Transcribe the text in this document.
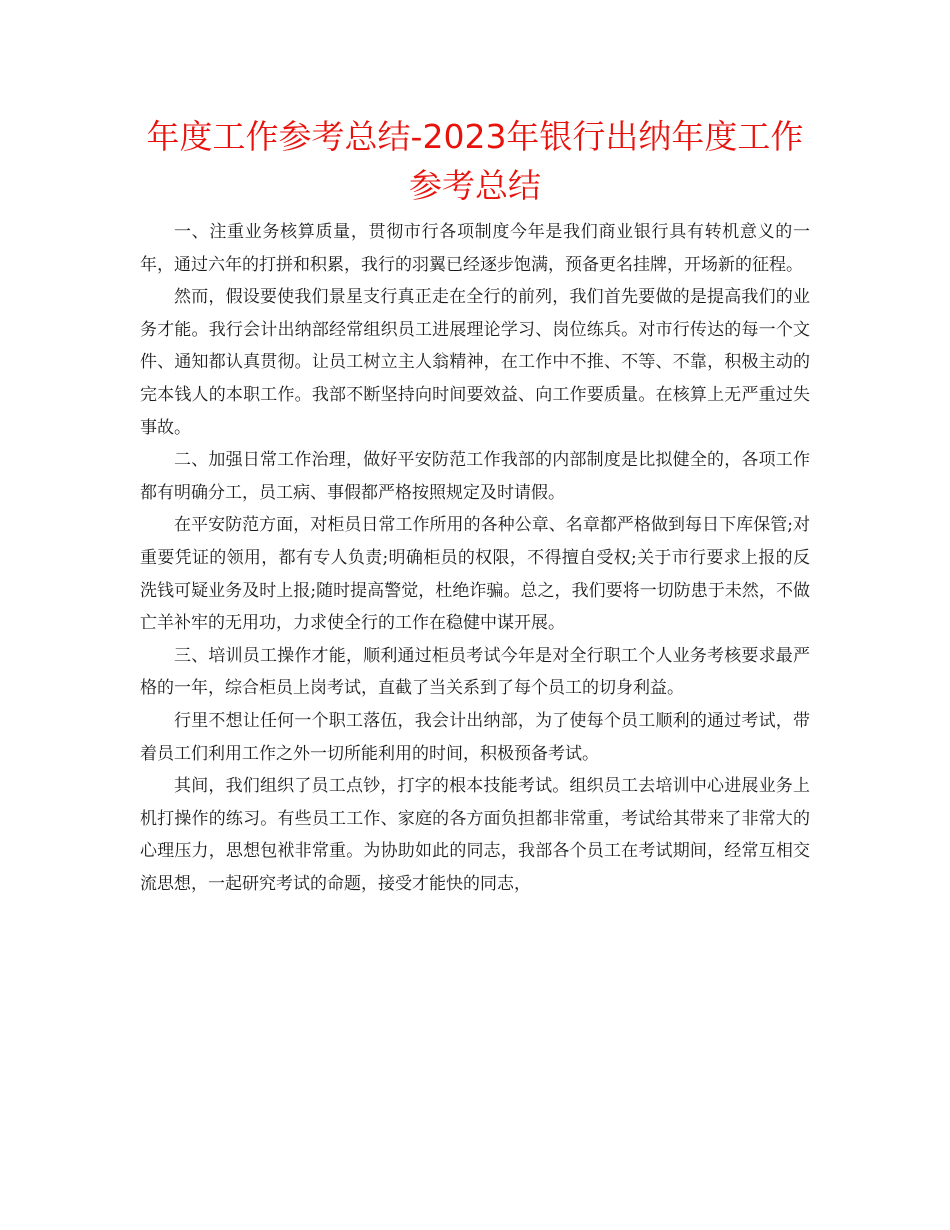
年度工作参考总结-2023年银行出纳年度工作参考总结

一、注重业务核算质量，贯彻市行各项制度今年是我们商业银行具有转机意义的一年，通过六年的打拼和积累，我行的羽翼已经逐步饱满，预备更名挂牌，开场新的征程。

然而，假设要使我们景星支行真正走在全行的前列，我们首先要做的是提高我们的业务才能。我行会计出纳部经常组织员工进展理论学习、岗位练兵。对市行传达的每一个文件、通知都认真贯彻。让员工树立主人翁精神，在工作中不推、不等、不靠，积极主动的完本钱人的本职工作。我部不断坚持向时间要效益、向工作要质量。在核算上无严重过失事故。

二、加强日常工作治理，做好平安防范工作我部的内部制度是比拟健全的，各项工作都有明确分工，员工病、事假都严格按照规定及时请假。

在平安防范方面，对柜员日常工作所用的各种公章、名章都严格做到每日下库保管;对重要凭证的领用，都有专人负责;明确柜员的权限，不得擅自受权;关于市行要求上报的反洗钱可疑业务及时上报;随时提高警觉，杜绝诈骗。总之，我们要将一切防患于未然，不做亡羊补牢的无用功，力求使全行的工作在稳健中谋开展。

三、培训员工操作才能，顺利通过柜员考试今年是对全行职工个人业务考核要求最严格的一年，综合柜员上岗考试，直截了当关系到了每个员工的切身利益。

行里不想让任何一个职工落伍，我会计出纳部，为了使每个员工顺利的通过考试，带着员工们利用工作之外一切所能利用的时间，积极预备考试。

其间，我们组织了员工点钞，打字的根本技能考试。组织员工去培训中心进展业务上机打操作的练习。有些员工工作、家庭的各方面负担都非常重，考试给其带来了非常大的心理压力，思想包袱非常重。为协助如此的同志，我部各个员工在考试期间，经常互相交流思想，一起研究考试的命题，接受才能快的同志，
